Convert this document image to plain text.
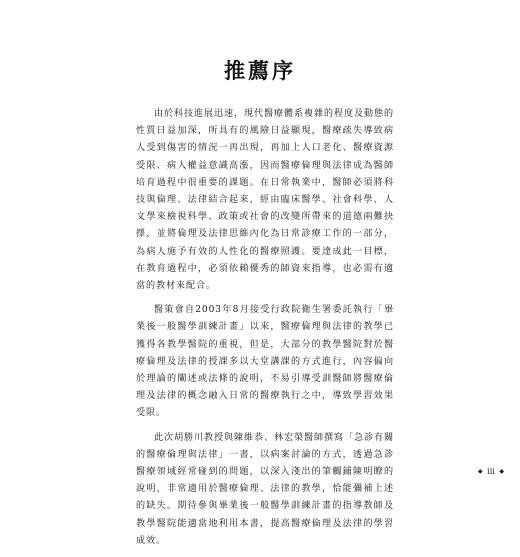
推薦序

由於科技進展迅速，現代醫療體系複雜的程度及動態的性質日益加深，所具有的風險日益顯現，醫療疏失導致病人受到傷害的情況一再出現，再加上人口老化、醫療資源受限、病人權益意識高漲，因而醫療倫理與法律成為醫師培育過程中很重要的課題。在日常執業中，醫師必須將科技與倫理、法律結合起來，經由臨床醫學、社會科學、人文學來檢視科學、政策或社會的改變所帶來的道德兩難抉擇，並將倫理及法律思維內化為日常診療工作的一部分，為病人施予有效的人性化的醫療照護。要達成此一目標，在教育過程中，必須依賴優秀的師資來指導，也必需有適當的教材來配合。

醫策會自2003年8月接受行政院衛生署委託執行「畢業後一般醫學訓練計畫」以來，醫療倫理與法律的教學已獲得各教學醫院的重視，但是，大部分的教學醫院對於醫療倫理及法律的授課多以大堂講課的方式進行，內容偏向於理論的闡述或法條的說明，不易引導受訓醫師將醫療倫理及法律的概念融入日常的醫療執行之中，導致學習效果受限。

此次胡勝川教授與陳維恭、林宏榮醫師撰寫「急診有關的醫療倫理與法律」一書，以病案討論的方式，透過急診醫療領域經常碰到的問題，以深入淺出的筆觸鋪陳明瞭的說明，非常適用於醫療倫理、法律的教學，恰能彌補上述的缺失。期待參與畢業後一般醫學訓練計畫的指導教師及教學醫院能適當地利用本書，提高醫療倫理及法律的學習成效。

◆ iii ◆
